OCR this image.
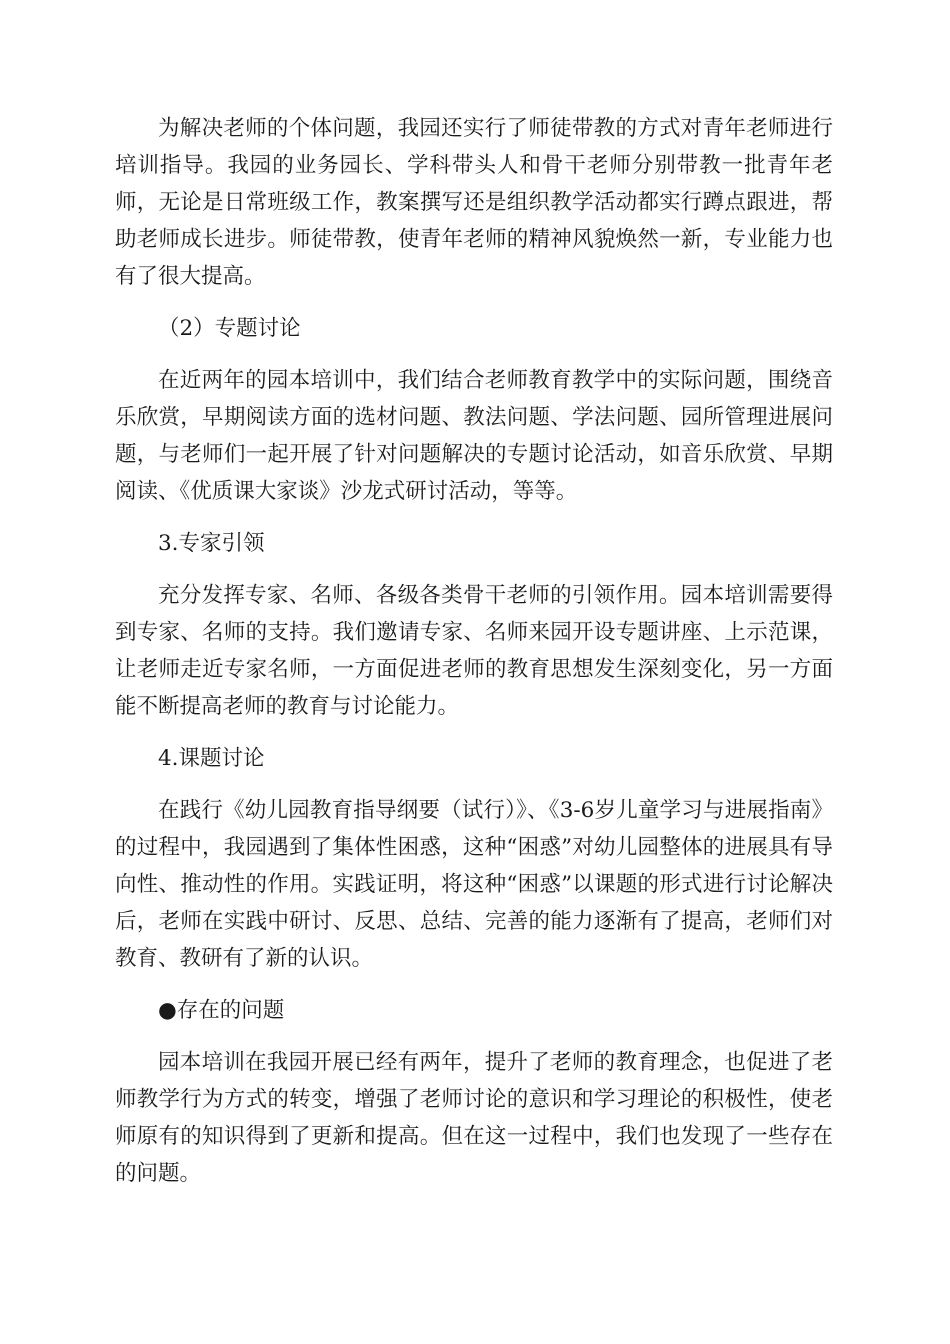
为解决老师的个体问题，我园还实行了师徒带教的方式对青年老师进行培训指导。我园的业务园长、学科带头人和骨干老师分别带教一批青年老师，无论是日常班级工作，教案撰写还是组织教学活动都实行蹲点跟进，帮助老师成长进步。师徒带教，使青年老师的精神风貌焕然一新，专业能力也有了很大提高。

（2）专题讨论

在近两年的园本培训中，我们结合老师教育教学中的实际问题，围绕音乐欣赏，早期阅读方面的选材问题、教法问题、学法问题、园所管理进展问题，与老师们一起开展了针对问题解决的专题讨论活动，如音乐欣赏、早期阅读、《优质课大家谈》沙龙式研讨活动，等等。

3.专家引领

充分发挥专家、名师、各级各类骨干老师的引领作用。园本培训需要得到专家、名师的支持。我们邀请专家、名师来园开设专题讲座、上示范课，让老师走近专家名师，一方面促进老师的教育思想发生深刻变化，另一方面能不断提高老师的教育与讨论能力。

4.课题讨论

在践行《幼儿园教育指导纲要（试行）》、《3-6岁儿童学习与进展指南》的过程中，我园遇到了集体性困惑，这种“困惑”对幼儿园整体的进展具有导向性、推动性的作用。实践证明，将这种“困惑”以课题的形式进行讨论解决后，老师在实践中研讨、反思、总结、完善的能力逐渐有了提高，老师们对教育、教研有了新的认识。

●存在的问题

园本培训在我园开展已经有两年，提升了老师的教育理念，也促进了老师教学行为方式的转变，增强了老师讨论的意识和学习理论的积极性，使老师原有的知识得到了更新和提高。但在这一过程中，我们也发现了一些存在的问题。
